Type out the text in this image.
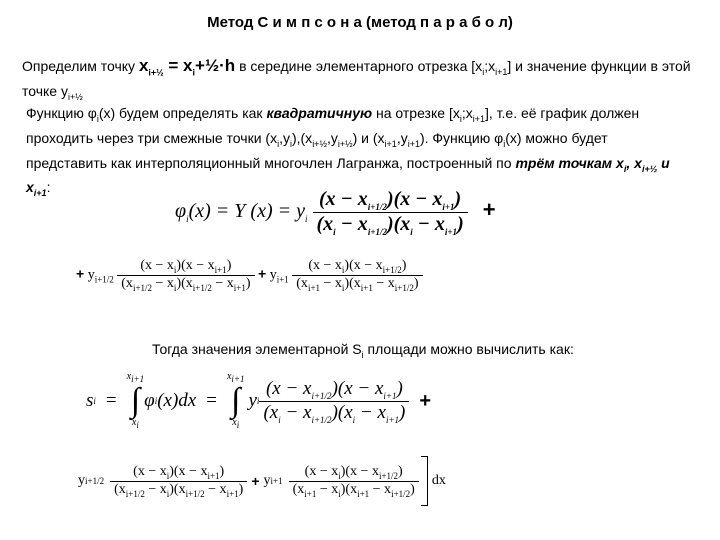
Метод С и м п с о н а (метод п а р а б о л)
Определим точку $x_{i+\frac{1}{2}}$ = $x_i+\frac{1}{2}\cdot h$ в середине элементарного отрезка $[x_i;x_{i+1}]$ и значение функции в этой точке $y_{i+\frac{1}{2}}$
Функцию $\varphi_i(x)$ будем определять как квадратичную на отрезке $[x_i;x_{i+1}]$, т.е. её график должен проходить через три смежные точки $(x_i,y_i),(x_{i+\frac{1}{2}},y_{i+\frac{1}{2}})$ и $(x_{i+1},y_{i+1})$. Функцию $\varphi_i(x)$ можно будет представить как интерполяционный многочлен Лагранжа, построенный по трём точкам $x_i$, $x_{i+\frac{1}{2}}$ и $x_{i+1}$:
$\varphi_i(x) = Y$ $(x) = y_i \frac{(x - x_{i+1/2})(x - x_{i+1})}{(x_i - x_{i+1/2})(x_i - x_{i+1})}$ +
+ $y_{i+1/2} \frac{(x - x_i)(x - x_{i+1})}{(x_{i+1/2} - x_i)(x_{i+1/2} - x_{i+1})} + y_{i+1} \frac{(x - x_i)(x - x_{i+1/2})}{(x_{i+1} - x_i)(x_{i+1} - x_{i+1/2})}$
Тогда значения элементарной $S_i$ площади можно вычислить как:
s i =
$x_{i+1}$
∫
$x_i$
φ i (x)dx =
$x_{i+1}$
∫
$x_i$
y i $\frac{(x - x_{i+1/2})(x - x_{i+1})}{(x_i - x_{i+1/2})(x_i - x_{i+1})}$ +
y $i+1/2 \frac{(x - x_i)(x - x_{i+1})}{(x_{i+1/2} - x_i)(x_{i+1/2} - x_{i+1})} + y$ $i+1 \frac{(x - x_i)(x - x_{i+1/2})}{(x_{i+1} - x_i)(x_{i+1} - x_{i+1/2})}$ dx
